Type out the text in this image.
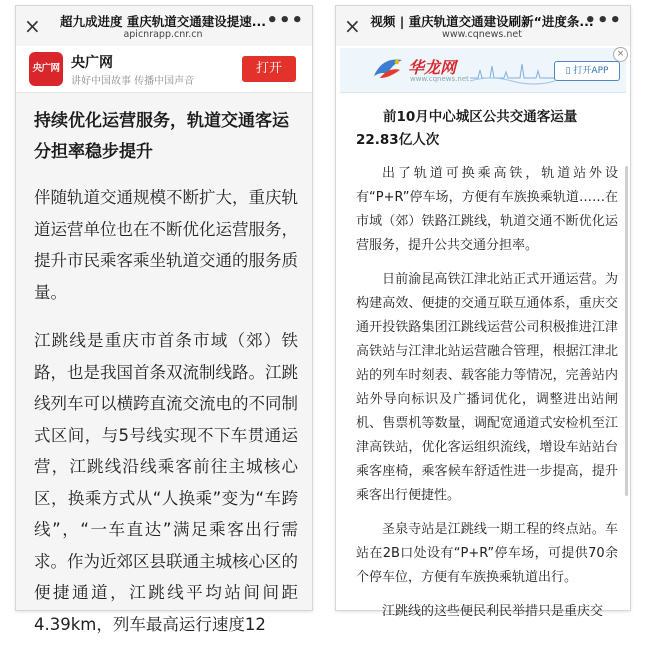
×	超九成进度 重庆轨道交通建设提速...
apicnrapp.cnr.cn
•••
央广网 央广网
讲好中国故事 传播中国声音
打开

持续优化运营服务，轨道交通客运分担率稳步提升

伴随轨道交通规模不断扩大，重庆轨道运营单位也在不断优化运营服务，提升市民乘客乘坐轨道交通的服务质量。

江跳线是重庆市首条市域（郊）铁路，也是我国首条双流制线路。江跳线列车可以横跨直流交流电的不同制式区间，与5号线实现不下车贯通运营，江跳线沿线乘客前往主城核心区，换乘方式从“人换乘”变为“车跨线”，“一车直达”满足乘客出行需求。作为近郊区县联通主城核心区的便捷通道，江跳线平均站间间距4.39km，列车最高运行速度12

× 视频 | 重庆轨道交通建设刷新“进度条...
www.cqnews.net
•••
华龙网
www.cqnews.net
▯ 打开APP
×

前10月中心城区公共交通客运量22.83亿人次

出了轨道可换乘高铁，轨道站外设有“P+R”停车场，方便有车族换乘轨道……在市域（郊）铁路江跳线，轨道交通不断优化运营服务，提升公共交通分担率。

日前渝昆高铁江津北站正式开通运营。为构建高效、便捷的交通互联互通体系，重庆交通开投铁路集团江跳线运营公司积极推进江津高铁站与江津北站运营融合管理，根据江津北站的列车时刻表、载客能力等情况，完善站内站外导向标识及广播词优化，调整进出站闸机、售票机等数量，调配宽通道式安检机至江津高铁站，优化客运组织流线，增设车站站台乘客座椅，乘客候车舒适性进一步提高，提升乘客出行便捷性。

圣泉寺站是江跳线一期工程的终点站。车站在2B口处设有“P+R”停车场，可提供70余个停车位，方便有车族换乘轨道出行。

江跳线的这些便民利民举措只是重庆交
